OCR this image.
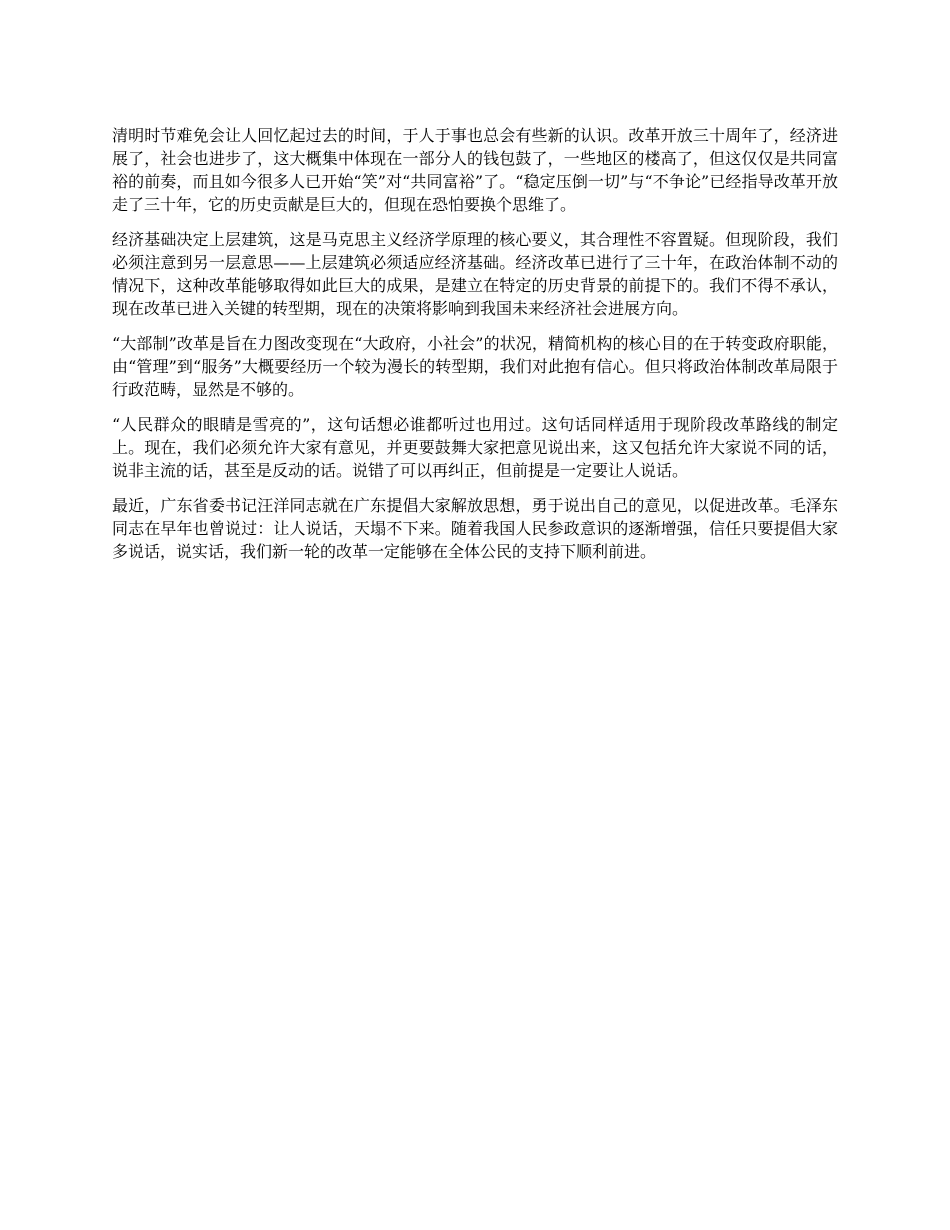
清明时节难免会让人回忆起过去的时间，于人于事也总会有些新的认识。改革开放三十周年了，经济进展了，社会也进步了，这大概集中体现在一部分人的钱包鼓了，一些地区的楼高了，但这仅仅是共同富裕的前奏，而且如今很多人已开始“笑”对“共同富裕”了。“稳定压倒一切”与“不争论”已经指导改革开放走了三十年，它的历史贡献是巨大的，但现在恐怕要换个思维了。

经济基础决定上层建筑，这是马克思主义经济学原理的核心要义，其合理性不容置疑。但现阶段，我们必须注意到另一层意思——上层建筑必须适应经济基础。经济改革已进行了三十年，在政治体制不动的情况下，这种改革能够取得如此巨大的成果，是建立在特定的历史背景的前提下的。我们不得不承认，现在改革已进入关键的转型期，现在的决策将影响到我国未来经济社会进展方向。

“大部制”改革是旨在力图改变现在“大政府，小社会”的状况，精简机构的核心目的在于转变政府职能，由“管理”到“服务”大概要经历一个较为漫长的转型期，我们对此抱有信心。但只将政治体制改革局限于行政范畴，显然是不够的。

“人民群众的眼睛是雪亮的”，这句话想必谁都听过也用过。这句话同样适用于现阶段改革路线的制定上。现在，我们必须允许大家有意见，并更要鼓舞大家把意见说出来，这又包括允许大家说不同的话，说非主流的话，甚至是反动的话。说错了可以再纠正，但前提是一定要让人说话。

最近，广东省委书记汪洋同志就在广东提倡大家解放思想，勇于说出自己的意见，以促进改革。毛泽东同志在早年也曾说过：让人说话，天塌不下来。随着我国人民参政意识的逐渐增强，信任只要提倡大家多说话，说实话，我们新一轮的改革一定能够在全体公民的支持下顺利前进。
